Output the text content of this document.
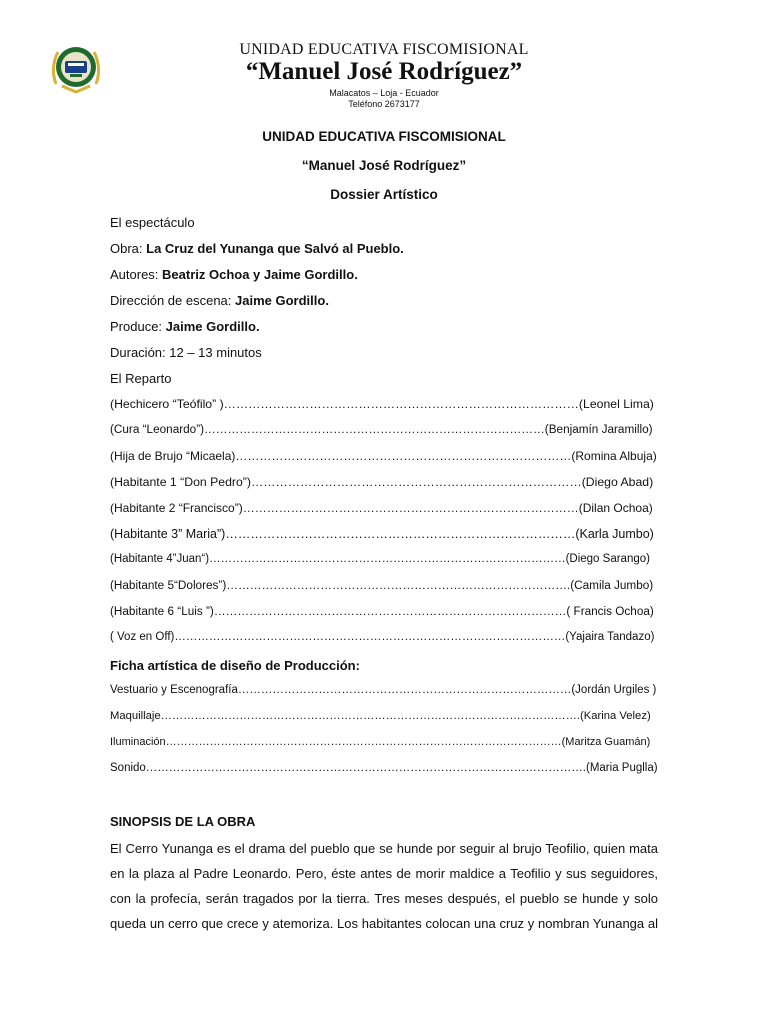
UNIDAD EDUCATIVA FISCOMISIONAL
“Manuel José Rodríguez”
Malacatos – Loja - Ecuador
Teléfono 2673177
UNIDAD EDUCATIVA FISCOMISIONAL
“Manuel José Rodríguez”
Dossier Artístico
El espectáculo
Obra: La Cruz del Yunanga que Salvó al Pueblo.
Autores: Beatriz Ochoa y Jaime Gordillo.
Dirección de escena: Jaime Gordillo.
Produce: Jaime Gordillo.
Duración: 12 – 13 minutos
El Reparto
(Hechicero “Teófilo” )……………………………………………………………………………(Leonel Lima)
(Cura “Leonardo”)……………………………………………………………………………(Benjamín Jaramillo)
(Hija de Brujo “Micaela)…………………………………………………………………………(Romina Albuja)
(Habitante 1 “Don Pedro”)………………………………………………………………………(Diego Abad)
(Habitante 2 “Francisco”)…………………………………………………………………………(Dilan Ochoa)
(Habitante 3” Maria”)…………………………………………………………………………(Karla Jumbo)
(Habitante 4”Juan“)…………………………………………………………………………………(Diego Sarango)
(Habitante 5“Dolores”)…………………………………………………………………………….(Camila Jumbo)
(Habitante 6 “Luis ”)………………………………………………………………………………( Francis Ochoa)
( Voz en Off)…………………………………………………………………………………………(Yajaira Tandazo)
Ficha artística de diseño de Producción:
Vestuario y Escenografía……………………………………………………………………………(Jordán Urgiles )
Maquillaje………………………………………………………………………………………………….(Karina Velez)
Iluminación………………………………………………………………………………………………(Maritza Guamán)
Sonido…………………………………………………………………………………………………….(Maria Puglla)
SINOPSIS DE LA OBRA
El Cerro Yunanga es el drama del pueblo que se hunde por seguir al brujo Teofilio, quien mata
en la plaza al Padre Leonardo. Pero, éste antes de morir maldice a Teofilio y sus seguidores,
con la profecía, serán tragados por la tierra. Tres meses después, el pueblo se hunde y solo
queda un cerro que crece y atemoriza. Los habitantes colocan una cruz y nombran Yunanga al
